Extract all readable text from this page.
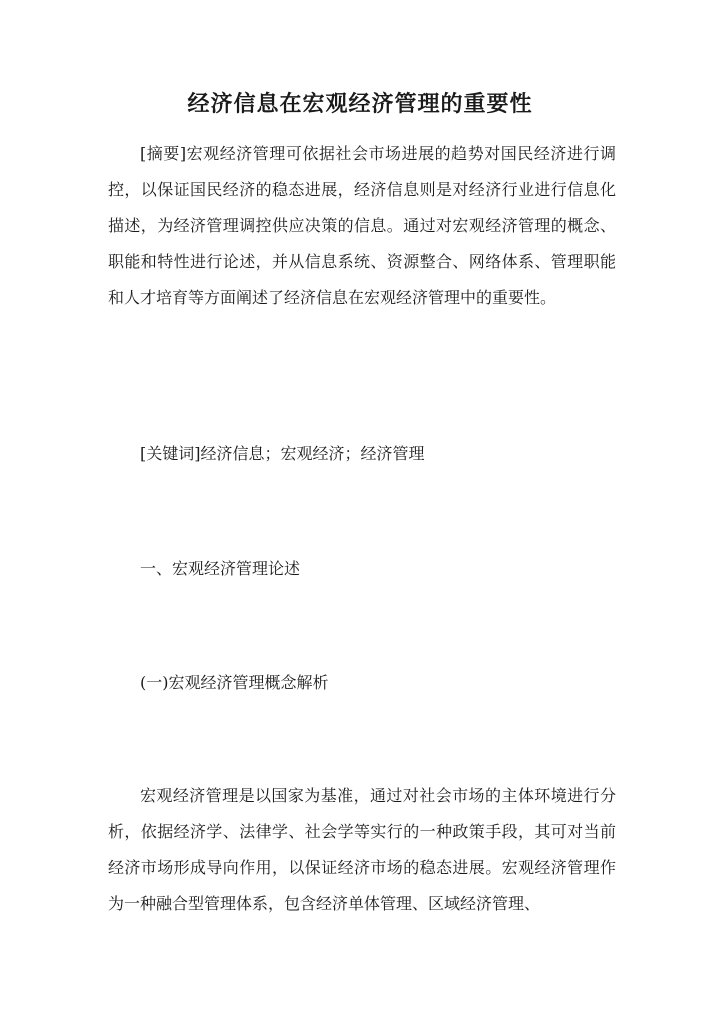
经济信息在宏观经济管理的重要性

[摘要]宏观经济管理可依据社会市场进展的趋势对国民经济进行调控，以保证国民经济的稳态进展，经济信息则是对经济行业进行信息化描述，为经济管理调控供应决策的信息。通过对宏观经济管理的概念、职能和特性进行论述，并从信息系统、资源整合、网络体系、管理职能和人才培育等方面阐述了经济信息在宏观经济管理中的重要性。

[关键词]经济信息；宏观经济；经济管理

一、宏观经济管理论述

(一)宏观经济管理概念解析

宏观经济管理是以国家为基准，通过对社会市场的主体环境进行分析，依据经济学、法律学、社会学等实行的一种政策手段，其可对当前经济市场形成导向作用，以保证经济市场的稳态进展。宏观经济管理作为一种融合型管理体系，包含经济单体管理、区域经济管理、
